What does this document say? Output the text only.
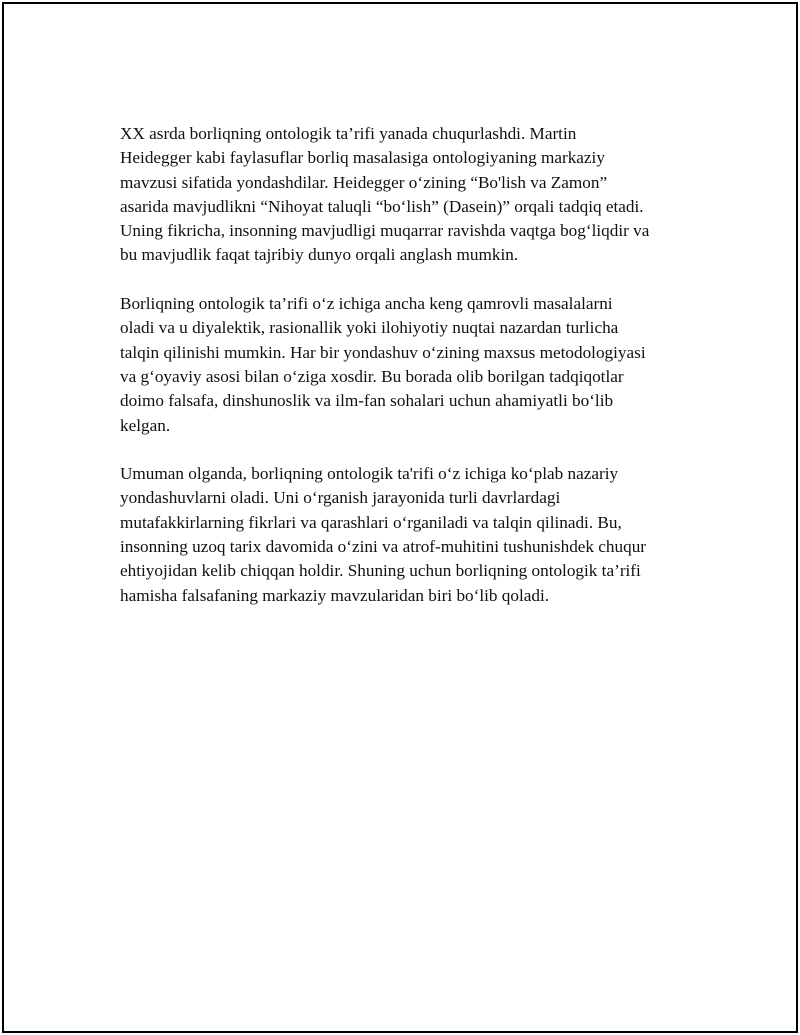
XX asrda borliqning ontologik ta’rifi yanada chuqurlashdi. Martin
Heidegger kabi faylasuflar borliq masalasiga ontologiyaning markaziy
mavzusi sifatida yondashdilar. Heidegger o‘zining “Bo'lish va Zamon”
asarida mavjudlikni “Nihoyat taluqli “bo‘lish” (Dasein)” orqali tadqiq etadi.
Uning fikricha, insonning mavjudligi muqarrar ravishda vaqtga bog‘liqdir va
bu mavjudlik faqat tajribiy dunyo orqali anglash mumkin.

Borliqning ontologik ta’rifi o‘z ichiga ancha keng qamrovli masalalarni
oladi va u diyalektik, rasionallik yoki ilohiyotiy nuqtai nazardan turlicha
talqin qilinishi mumkin. Har bir yondashuv o‘zining maxsus metodologiyasi
va g‘oyaviy asosi bilan o‘ziga xosdir. Bu borada olib borilgan tadqiqotlar
doimo falsafa, dinshunoslik va ilm-fan sohalari uchun ahamiyatli bo‘lib
kelgan.

Umuman olganda, borliqning ontologik ta'rifi o‘z ichiga ko‘plab nazariy
yondashuvlarni oladi. Uni o‘rganish jarayonida turli davrlardagi
mutafakkirlarning fikrlari va qarashlari o‘rganiladi va talqin qilinadi. Bu,
insonning uzoq tarix davomida o‘zini va atrof-muhitini tushunishdek chuqur
ehtiyojidan kelib chiqqan holdir. Shuning uchun borliqning ontologik ta’rifi
hamisha falsafaning markaziy mavzularidan biri bo‘lib qoladi.
